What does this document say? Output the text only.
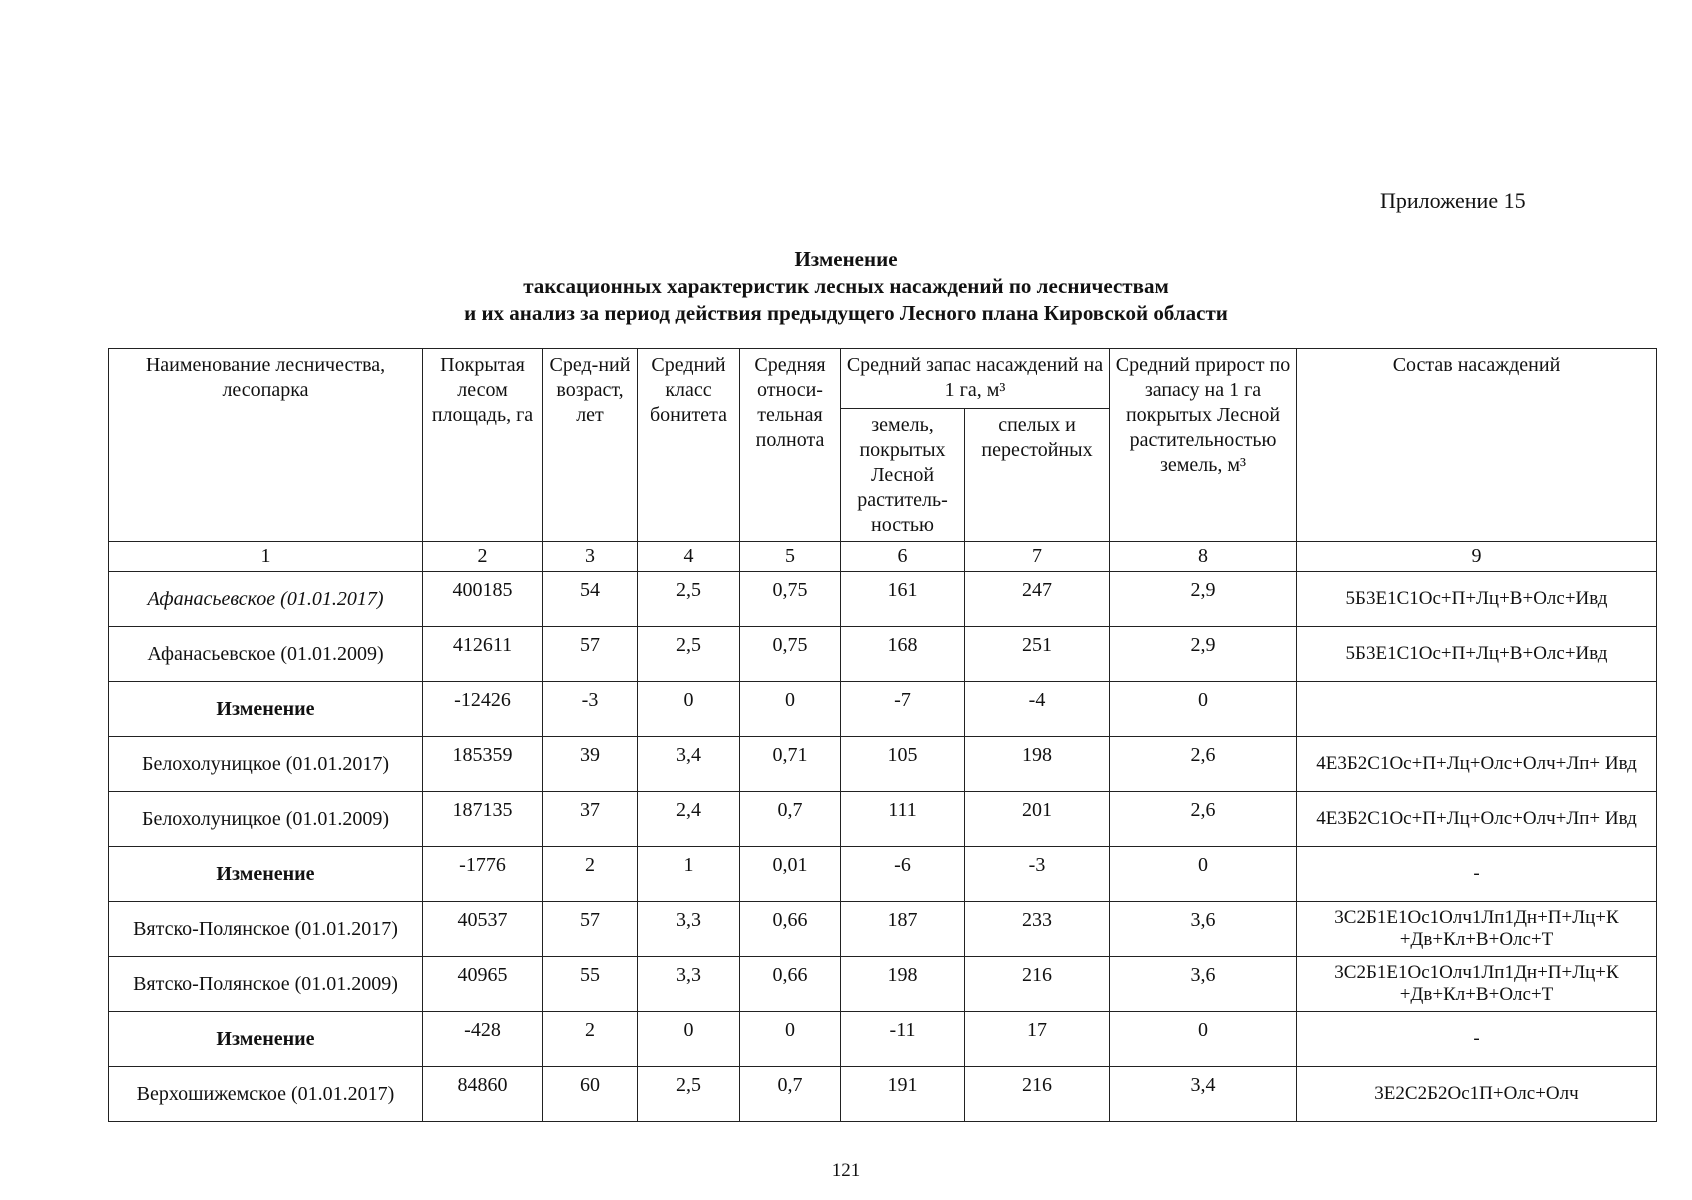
Приложение 15
Изменение
таксационных характеристик лесных насаждений по лесничествам
и их анализ за период действия предыдущего Лесного плана Кировской области
Наименование лесничества, лесопарка	Покрытая лесом площадь, га	Сред-ний возраст, лет	Средний класс бонитета	Средняя относи-тельная полнота	Средний запас насаждений на 1 га, м³		Средний прирост по запасу на 1 га покрытых Лесной растительностью земель, м³	Состав насаждений
					земель, покрытых Лесной раститель-ностью	спелых и перестойных		
1	2	3	4	5	6	7	8	9
Афанасьевское (01.01.2017)	400185	54	2,5	0,75	161	247	2,9	5Б3Е1С1Ос+П+Лц+В+Олс+Ивд
Афанасьевское (01.01.2009)	412611	57	2,5	0,75	168	251	2,9	5Б3Е1С1Ос+П+Лц+В+Олс+Ивд
Изменение	-12426	-3	0	0	-7	-4	0	
Белохолуницкое (01.01.2017)	185359	39	3,4	0,71	105	198	2,6	4Е3Б2С1Ос+П+Лц+Олс+Олч+Лп+ Ивд
Белохолуницкое (01.01.2009)	187135	37	2,4	0,7	111	201	2,6	4Е3Б2С1Ос+П+Лц+Олс+Олч+Лп+ Ивд
Изменение	-1776	2	1	0,01	-6	-3	0	-
Вятско-Полянское (01.01.2017)	40537	57	3,3	0,66	187	233	3,6	3С2Б1Е1Ос1Олч1Лп1Дн+П+Лц+К +Дв+Кл+В+Олс+Т
Вятско-Полянское (01.01.2009)	40965	55	3,3	0,66	198	216	3,6	3С2Б1Е1Ос1Олч1Лп1Дн+П+Лц+К +Дв+Кл+В+Олс+Т
Изменение	-428	2	0	0	-11	17	0	-
Верхошижемское (01.01.2017)	84860	60	2,5	0,7	191	216	3,4	3Е2С2Б2Ос1П+Олс+Олч
121
